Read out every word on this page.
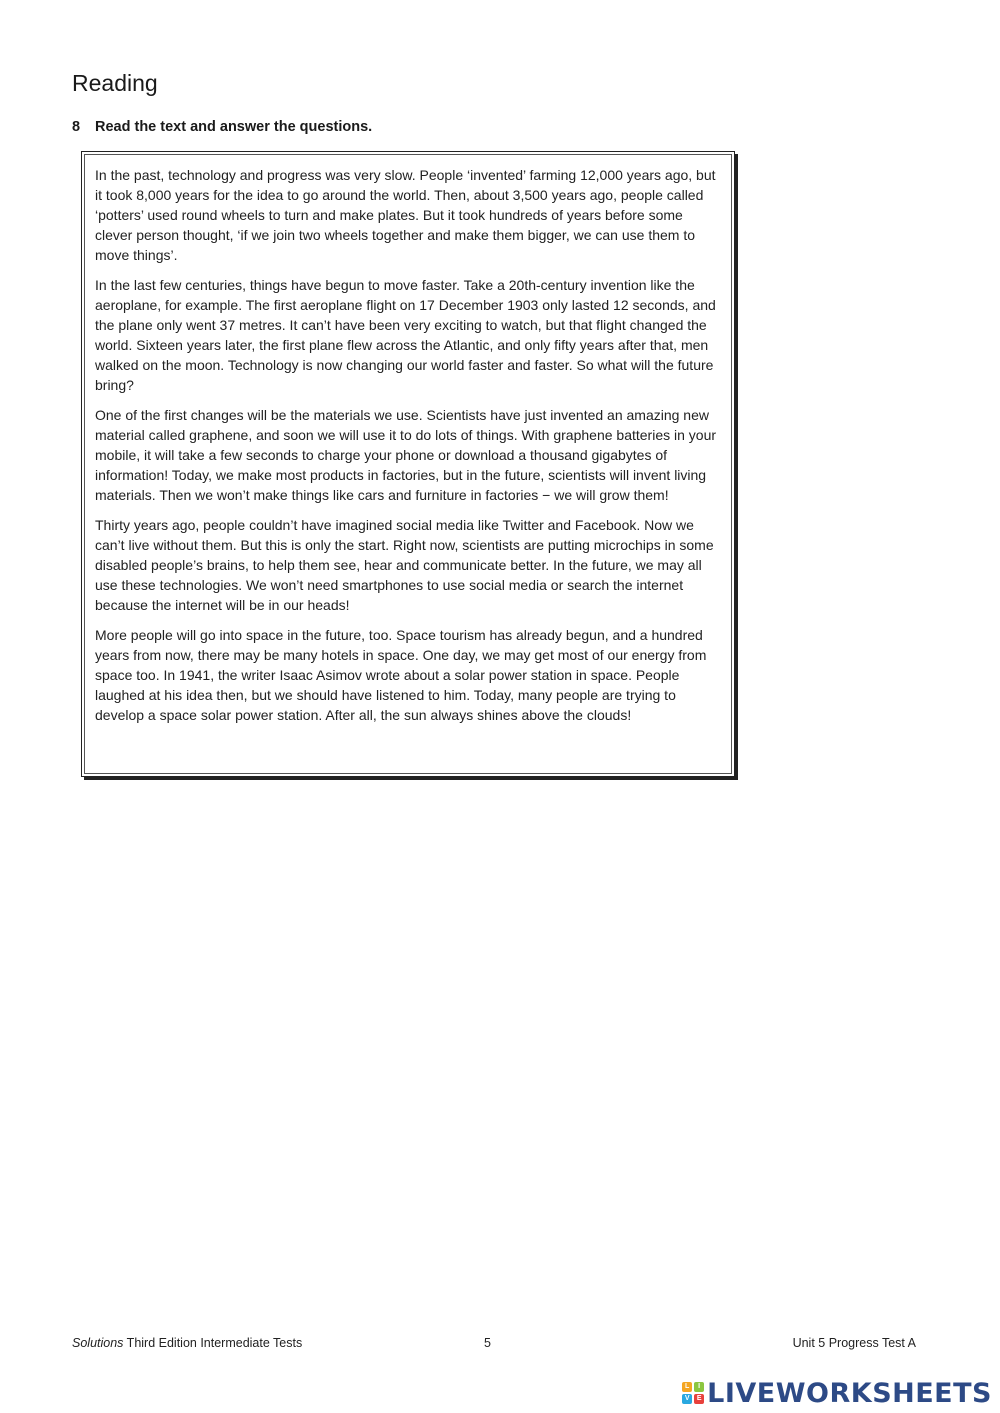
Reading

8 Read the text and answer the questions.

In the past, technology and progress was very slow. People ‘invented’ farming 12,000 years ago, but it took 8,000 years for the idea to go around the world. Then, about 3,500 years ago, people called ‘potters’ used round wheels to turn and make plates. But it took hundreds of years before some clever person thought, ‘if we join two wheels together and make them bigger, we can use them to move things’.

In the last few centuries, things have begun to move faster. Take a 20th-century invention like the aeroplane, for example. The first aeroplane flight on 17 December 1903 only lasted 12 seconds, and the plane only went 37 metres. It can’t have been very exciting to watch, but that flight changed the world. Sixteen years later, the first plane flew across the Atlantic, and only fifty years after that, men walked on the moon. Technology is now changing our world faster and faster. So what will the future bring?

One of the first changes will be the materials we use. Scientists have just invented an amazing new material called graphene, and soon we will use it to do lots of things. With graphene batteries in your mobile, it will take a few seconds to charge your phone or download a thousand gigabytes of information! Today, we make most products in factories, but in the future, scientists will invent living materials. Then we won’t make things like cars and furniture in factories − we will grow them!

Thirty years ago, people couldn’t have imagined social media like Twitter and Facebook. Now we can’t live without them. But this is only the start. Right now, scientists are putting microchips in some disabled people’s brains, to help them see, hear and communicate better. In the future, we may all use these technologies. We won’t need smartphones to use social media or search the internet because the internet will be in our heads!

More people will go into space in the future, too. Space tourism has already begun, and a hundred years from now, there may be many hotels in space. One day, we may get most of our energy from space too. In 1941, the writer Isaac Asimov wrote about a solar power station in space. People laughed at his idea then, but we should have listened to him. Today, many people are trying to develop a space solar power station. After all, the sun always shines above the clouds!

Solutions Third Edition Intermediate Tests	5	Unit 5 Progress Test A
L	I
V	E LIVEWORKSHEETS
